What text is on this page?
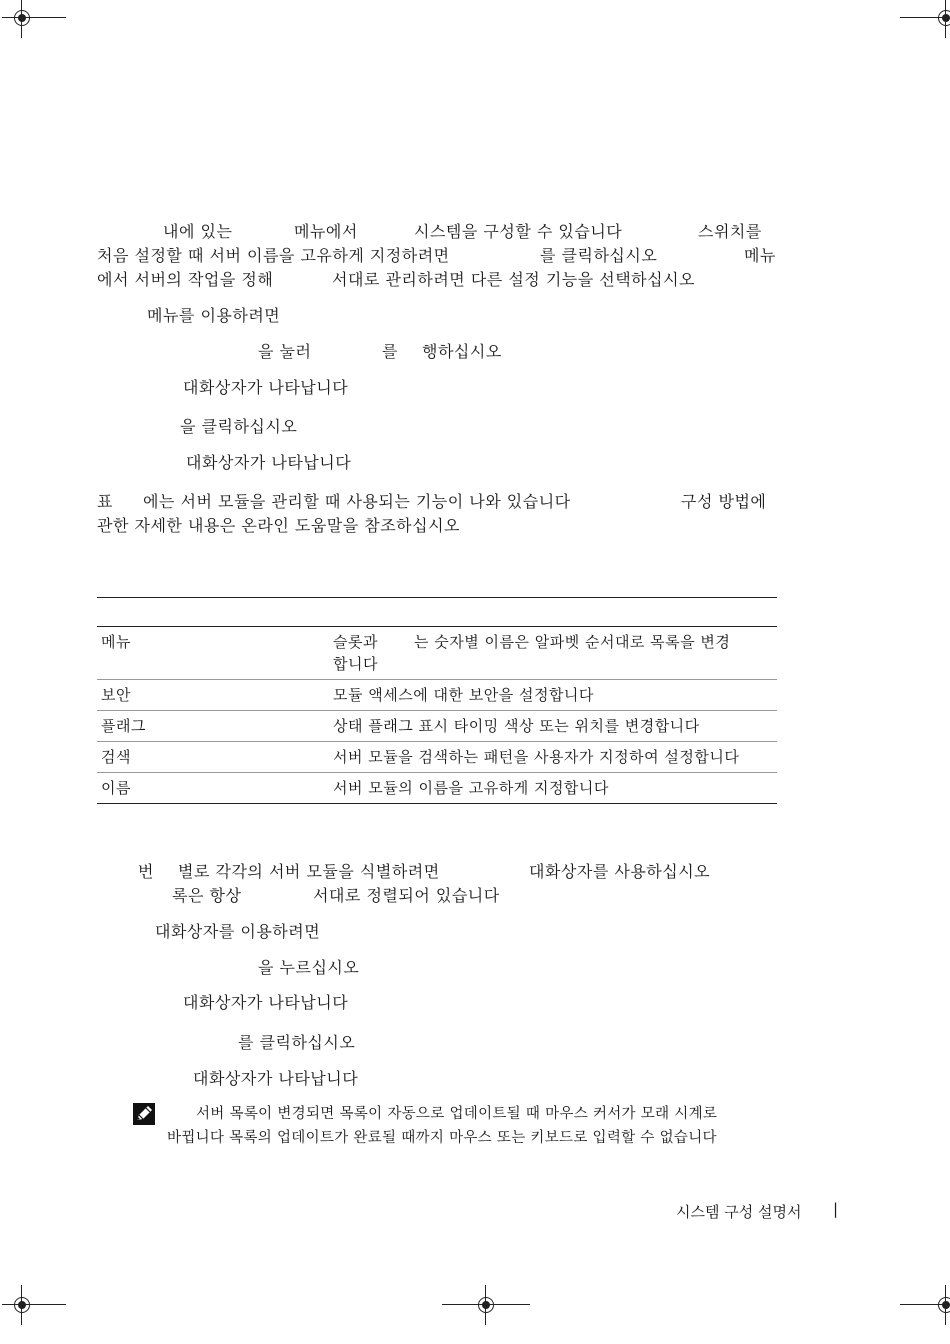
내에 있는	메뉴에서	시스템을 구성할 수 있습니다	스위치를
처음 설정할 때 서버 이름을 고유하게 지정하려면	를 클릭하십시오	메뉴
에서 서버의 작업을 정해	서대로 관리하려면 다른 설정 기능을 선택하십시오
메뉴를 이용하려면
을 눌러	를 행하십시오
대화상자가 나타납니다
을 클릭하십시오
대화상자가 나타납니다
표 에는 서버 모듈을 관리할 때 사용되는 기능이 나와 있습니다	구성 방법에
관한 자세한 내용은 온라인 도움말을 참조하십시오
메뉴	슬롯과 는 숫자별 이름은 알파벳 순서대로 목록을 변경
합니다
보안	모듈 액세스에 대한 보안을 설정합니다
플래그	상태 플래그 표시 타이밍 색상 또는 위치를 변경합니다
검색	서버 모듈을 검색하는 패턴을 사용자가 지정하여 설정합니다
이름	서버 모듈의 이름을 고유하게 지정합니다
번 별로 각각의 서버 모듈을 식별하려면	대화상자를 사용하십시오
록은 항상	서대로 정렬되어 있습니다
대화상자를 이용하려면
을 누르십시오
대화상자가 나타납니다
를 클릭하십시오
대화상자가 나타납니다
서버 목록이 변경되면 목록이 자동으로 업데이트될 때 마우스 커서가 모래 시계로
바뀝니다 목록의 업데이트가 완료될 때까지 마우스 또는 키보드로 입력할 수 없습니다
시스템 구성 설명서 |
